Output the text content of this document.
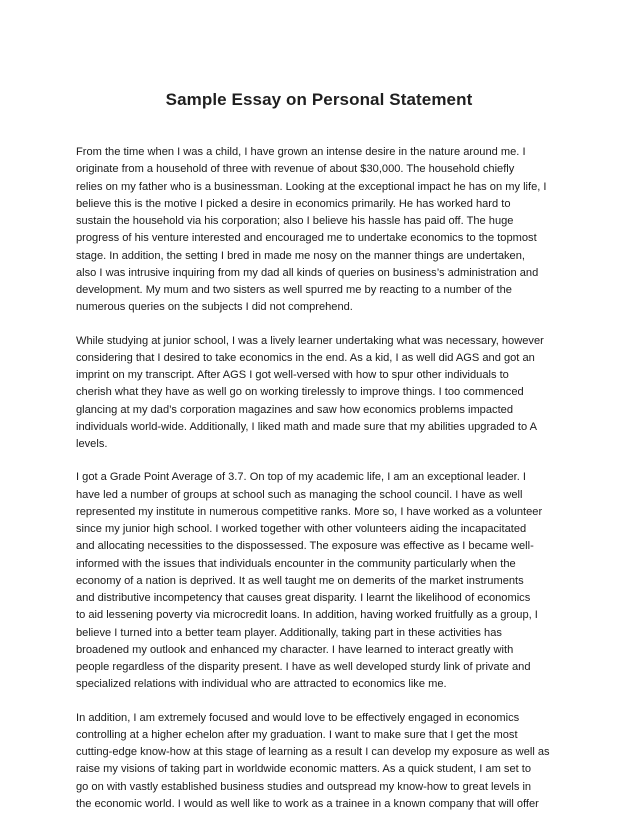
Sample Essay on Personal Statement
From the time when I was a child, I have grown an intense desire in the nature around me. I
originate from a household of three with revenue of about $30,000. The household chiefly
relies on my father who is a businessman. Looking at the exceptional impact he has on my life, I
believe this is the motive I picked a desire in economics primarily. He has worked hard to
sustain the household via his corporation; also I believe his hassle has paid off. The huge
progress of his venture interested and encouraged me to undertake economics to the topmost
stage. In addition, the setting I bred in made me nosy on the manner things are undertaken,
also I was intrusive inquiring from my dad all kinds of queries on business’s administration and
development. My mum and two sisters as well spurred me by reacting to a number of the
numerous queries on the subjects I did not comprehend.
While studying at junior school, I was a lively learner undertaking what was necessary, however
considering that I desired to take economics in the end. As a kid, I as well did AGS and got an
imprint on my transcript. After AGS I got well-versed with how to spur other individuals to
cherish what they have as well go on working tirelessly to improve things. I too commenced
glancing at my dad’s corporation magazines and saw how economics problems impacted
individuals world-wide. Additionally, I liked math and made sure that my abilities upgraded to A
levels.
I got a Grade Point Average of 3.7. On top of my academic life, I am an exceptional leader. I
have led a number of groups at school such as managing the school council. I have as well
represented my institute in numerous competitive ranks. More so, I have worked as a volunteer
since my junior high school. I worked together with other volunteers aiding the incapacitated
and allocating necessities to the dispossessed. The exposure was effective as I became well-
informed with the issues that individuals encounter in the community particularly when the
economy of a nation is deprived. It as well taught me on demerits of the market instruments
and distributive incompetency that causes great disparity. I learnt the likelihood of economics
to aid lessening poverty via microcredit loans. In addition, having worked fruitfully as a group, I
believe I turned into a better team player. Additionally, taking part in these activities has
broadened my outlook and enhanced my character. I have learned to interact greatly with
people regardless of the disparity present. I have as well developed sturdy link of private and
specialized relations with individual who are attracted to economics like me.
In addition, I am extremely focused and would love to be effectively engaged in economics
controlling at a higher echelon after my graduation. I want to make sure that I get the most
cutting-edge know-how at this stage of learning as a result I can develop my exposure as well as
raise my visions of taking part in worldwide economic matters. As a quick student, I am set to
go on with vastly established business studies and outspread my know-how to great levels in
the economic world. I would as well like to work as a trainee in a known company that will offer
